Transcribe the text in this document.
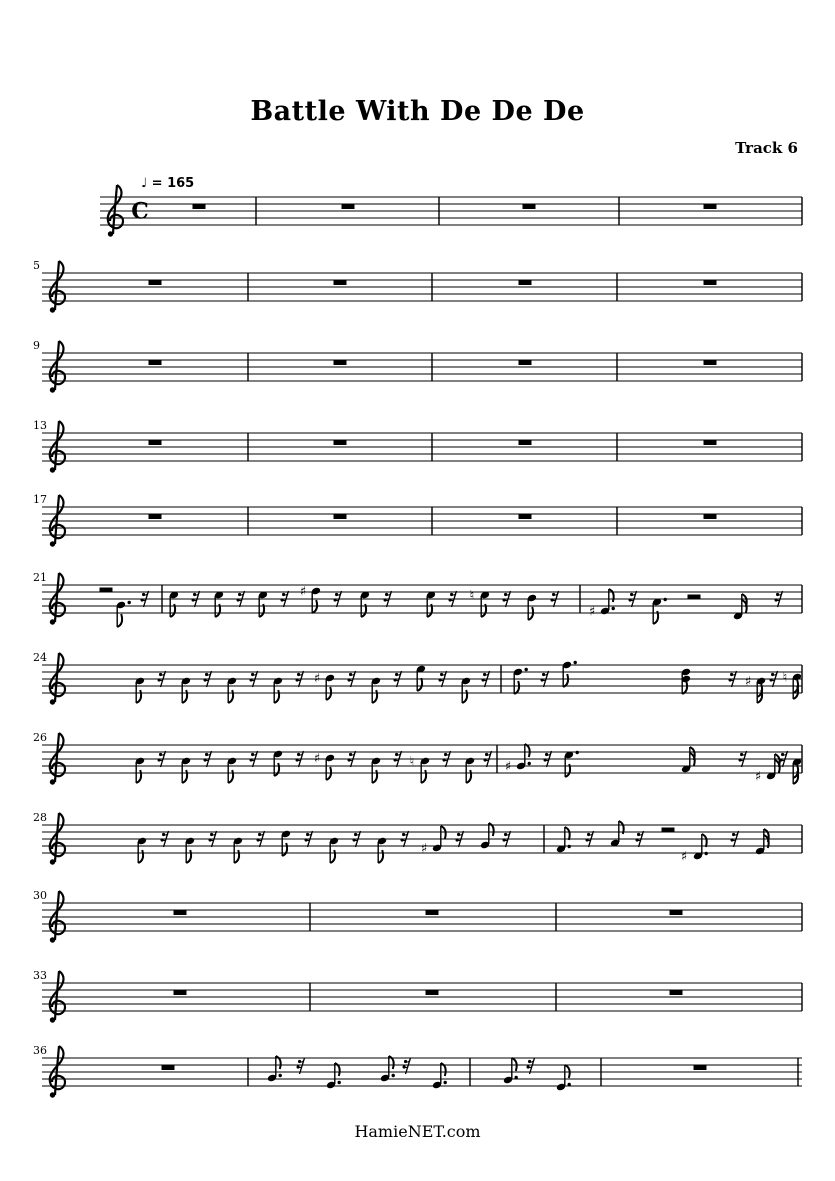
Battle With De De De
Track 6
♩ = 165
C
5
9
13
17
21
♯	♮
♯
24
♯	♯ ♮
26
♯	♮	♯
♯
28
♯
♯
30
33
36
HamieNET.com
